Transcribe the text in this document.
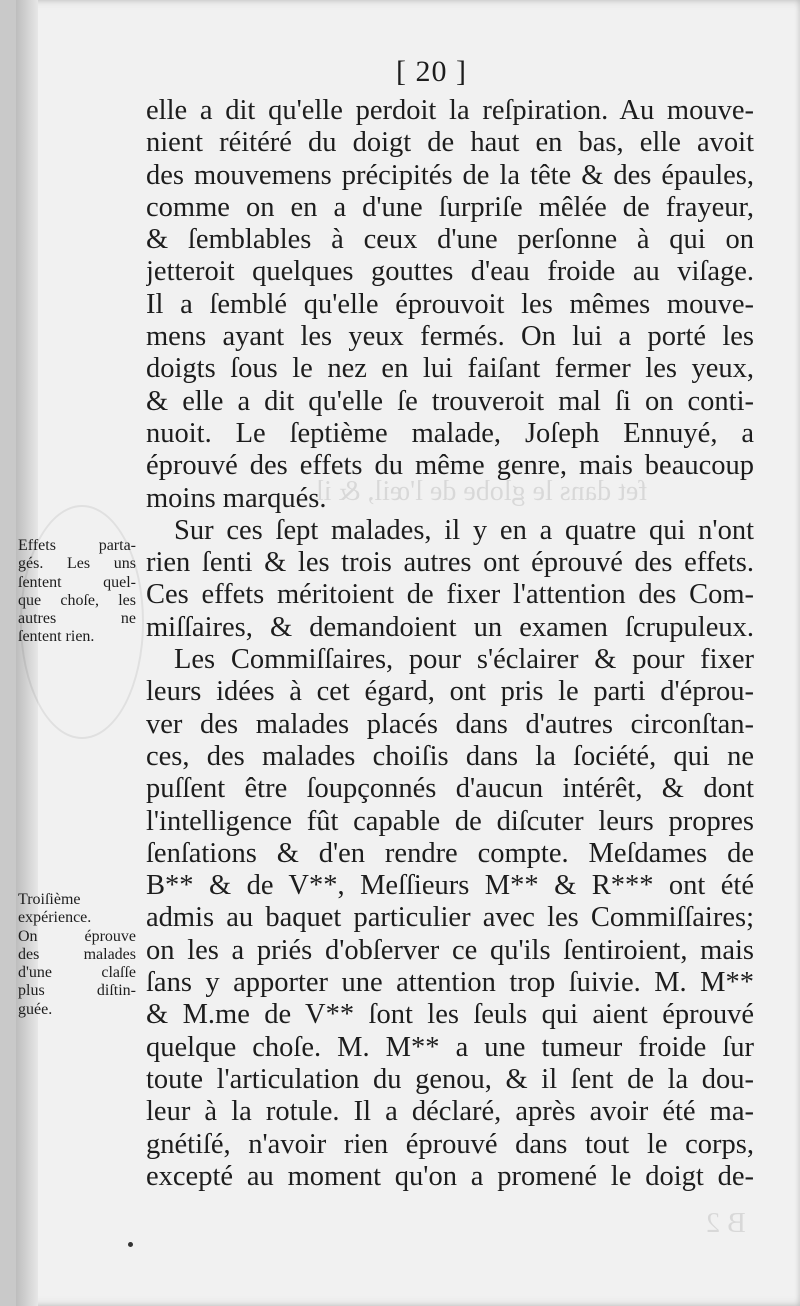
fet dans le globe de l'œil, & il
B 2
[ 20 ]
elle a dit qu'elle perdoit la reſpiration. Au mouve-
nient réitéré du doigt de haut en bas, elle avoit
des mouvemens précipités de la tête & des épaules,
comme on en a d'une ſurpriſe mêlée de frayeur,
& ſemblables à ceux d'une perſonne à qui on
jetteroit quelques gouttes d'eau froide au viſage.
Il a ſemblé qu'elle éprouvoit les mêmes mouve-
mens ayant les yeux fermés. On lui a porté les
doigts ſous le nez en lui faiſant fermer les yeux,
& elle a dit qu'elle ſe trouveroit mal ſi on conti-
nuoit. Le ſeptième malade, Joſeph Ennuyé, a
éprouvé des effets du même genre, mais beaucoup
moins marqués.
Sur ces ſept malades, il y en a quatre qui n'ont
rien ſenti & les trois autres ont éprouvé des effets.
Ces effets méritoient de fixer l'attention des Com-
miſſaires, & demandoient un examen ſcrupuleux.
Les Commiſſaires, pour s'éclairer & pour fixer
leurs idées à cet égard, ont pris le parti d'éprou-
ver des malades placés dans d'autres circonſtan-
ces, des malades choiſis dans la ſociété, qui ne
puſſent être ſoupçonnés d'aucun intérêt, & dont
l'intelligence fût capable de diſcuter leurs propres
ſenſations & d'en rendre compte. Meſdames de
B** & de V**, Meſſieurs M** & R*** ont été
admis au baquet particulier avec les Commiſſaires;
on les a priés d'obſerver ce qu'ils ſentiroient, mais
ſans y apporter une attention trop ſuivie. M. M**
& M.me de V** ſont les ſeuls qui aient éprouvé
quelque choſe. M. M** a une tumeur froide ſur
toute l'articulation du genou, & il ſent de la dou-
leur à la rotule. Il a déclaré, après avoir été ma-
gnétiſé, n'avoir rien éprouvé dans tout le corps,
excepté au moment qu'on a promené le doigt de-
Effets parta-
gés. Les uns
ſentent quel-
que choſe, les
autres ne
ſentent rien.
Troiſième
expérience.
On éprouve
des malades
d'une claſſe
plus diſtin-
guée.
